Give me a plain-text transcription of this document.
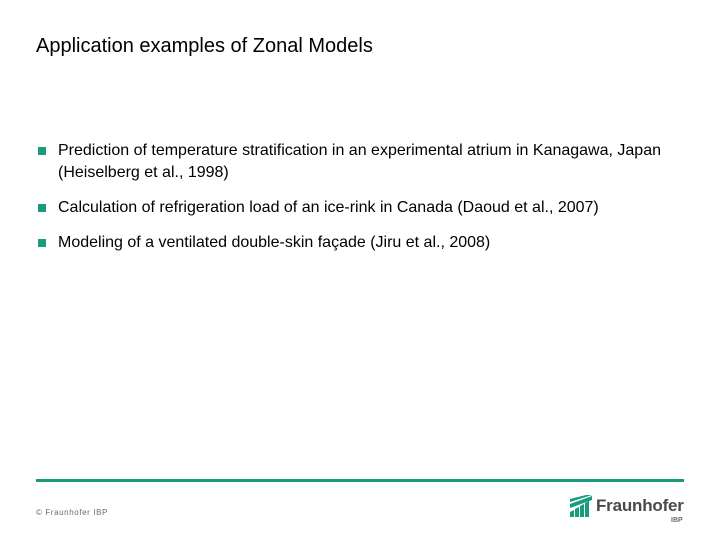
Application examples of Zonal Models
Prediction of temperature stratification in an experimental atrium in Kanagawa, Japan (Heiselberg et al., 1998)
Calculation of refrigeration load of an ice-rink in Canada (Daoud et al., 2007)
Modeling of a ventilated double-skin façade (Jiru et al., 2008)
© Fraunhofer IBP	Fraunhofer
IBP
